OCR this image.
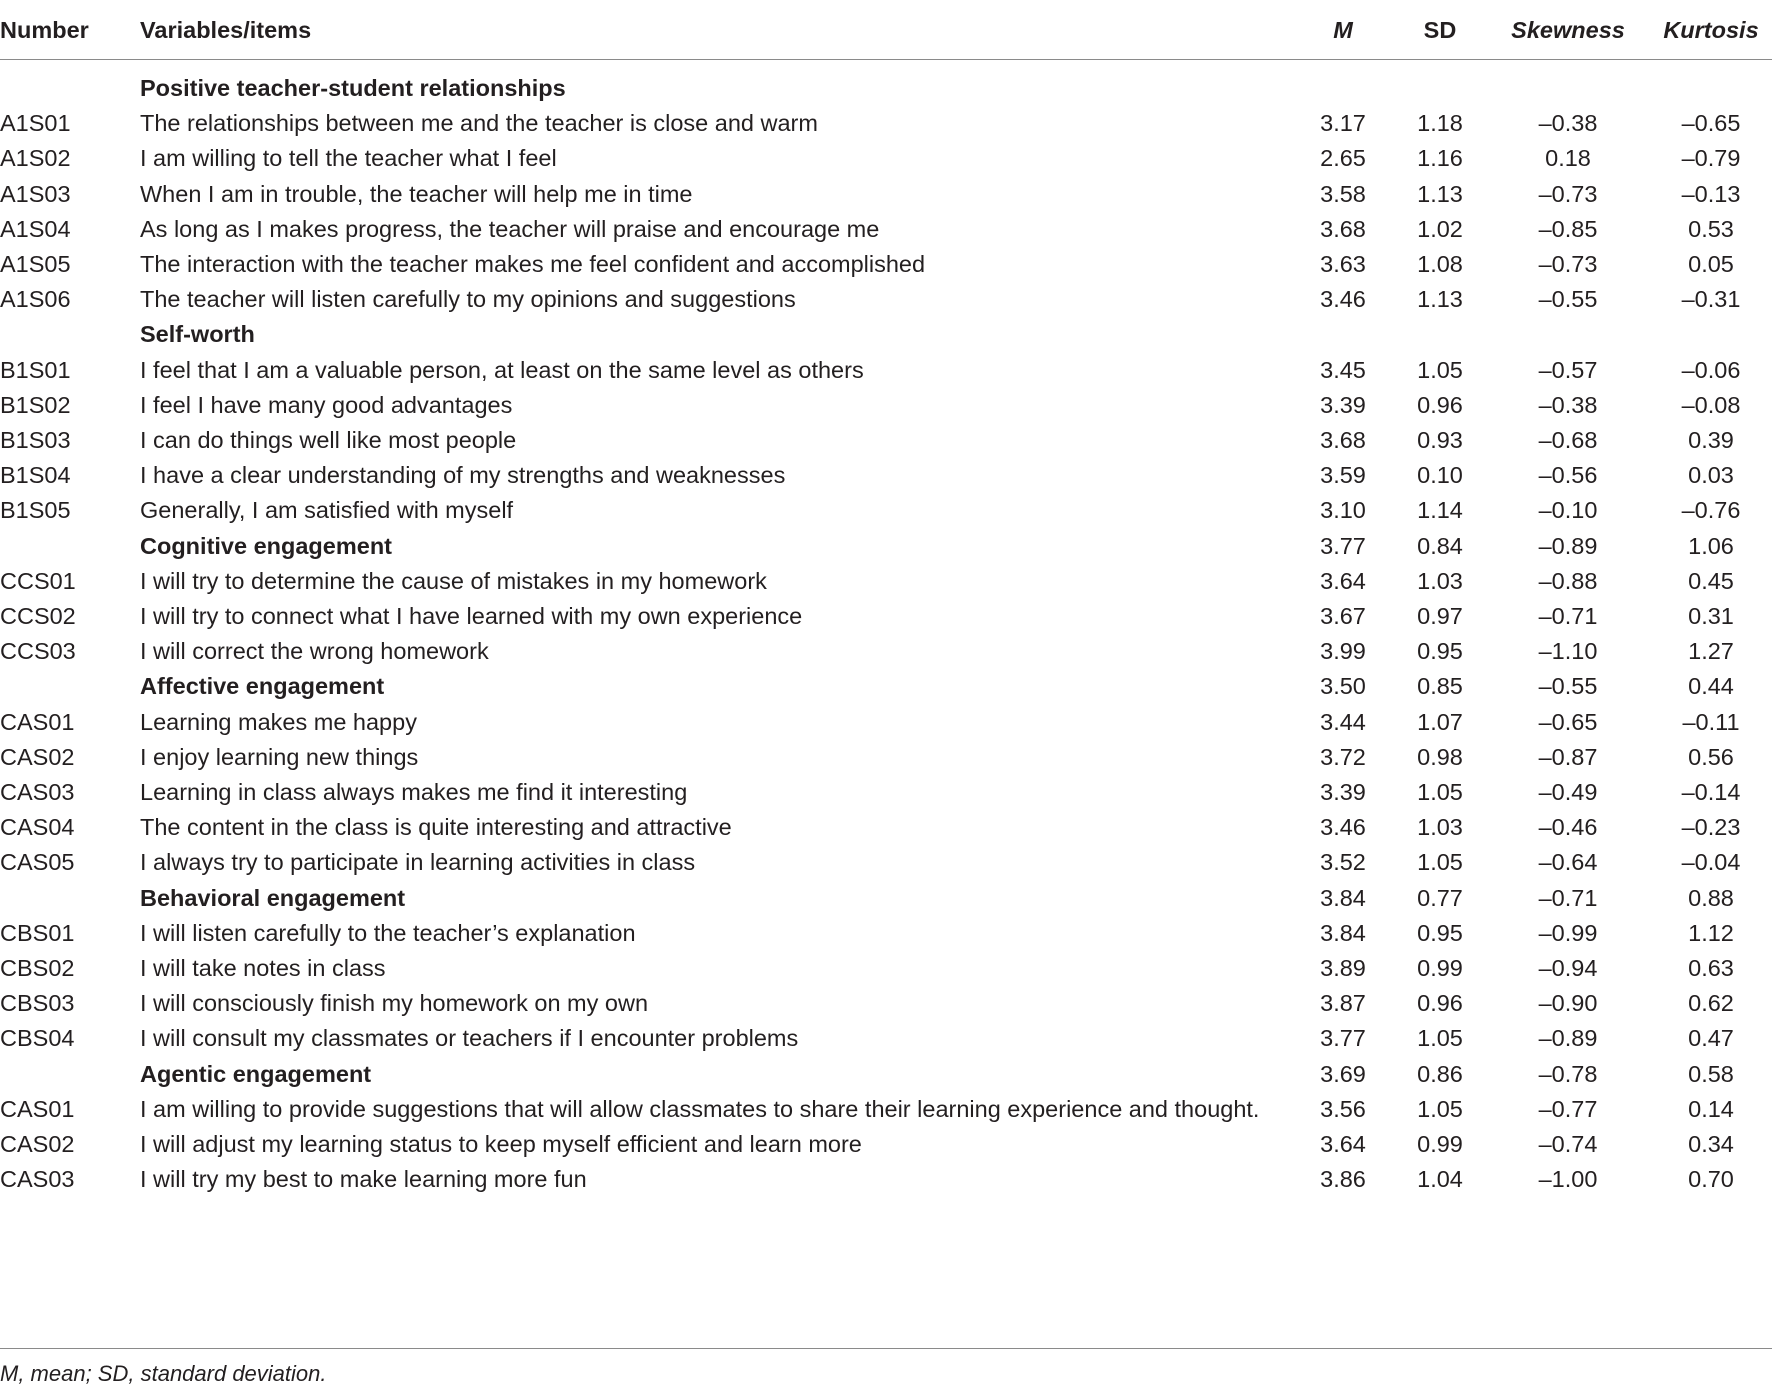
Number Variables/items	M	SD	Skewness	Kurtosis
Positive teacher-student relationships
A1S01	The relationships between me and the teacher is close and warm	3.17	1.18	–0.38	–0.65
A1S02	I am willing to tell the teacher what I feel	2.65	1.16	0.18	–0.79
A1S03	When I am in trouble, the teacher will help me in time	3.58	1.13	–0.73	–0.13
A1S04	As long as I makes progress, the teacher will praise and encourage me	3.68	1.02	–0.85	0.53
A1S05	The interaction with the teacher makes me feel confident and accomplished	3.63	1.08	–0.73	0.05
A1S06	The teacher will listen carefully to my opinions and suggestions	3.46	1.13	–0.55	–0.31
Self-worth
B1S01	I feel that I am a valuable person, at least on the same level as others	3.45	1.05	–0.57	–0.06
B1S02	I feel I have many good advantages	3.39	0.96	–0.38	–0.08
B1S03	I can do things well like most people	3.68	0.93	–0.68	0.39
B1S04	I have a clear understanding of my strengths and weaknesses	3.59	0.10	–0.56	0.03
B1S05	Generally, I am satisfied with myself	3.10	1.14	–0.10	–0.76
Cognitive engagement	3.77	0.84	–0.89	1.06
CCS01	I will try to determine the cause of mistakes in my homework	3.64	1.03	–0.88	0.45
CCS02	I will try to connect what I have learned with my own experience	3.67	0.97	–0.71	0.31
CCS03	I will correct the wrong homework	3.99	0.95	–1.10	1.27
Affective engagement	3.50	0.85	–0.55	0.44
CAS01	Learning makes me happy	3.44	1.07	–0.65	–0.11
CAS02	I enjoy learning new things	3.72	0.98	–0.87	0.56
CAS03	Learning in class always makes me find it interesting	3.39	1.05	–0.49	–0.14
CAS04	The content in the class is quite interesting and attractive	3.46	1.03	–0.46	–0.23
CAS05	I always try to participate in learning activities in class	3.52	1.05	–0.64	–0.04
Behavioral engagement	3.84	0.77	–0.71	0.88
CBS01	I will listen carefully to the teacher’s explanation	3.84	0.95	–0.99	1.12
CBS02	I will take notes in class	3.89	0.99	–0.94	0.63
CBS03	I will consciously finish my homework on my own	3.87	0.96	–0.90	0.62
CBS04	I will consult my classmates or teachers if I encounter problems	3.77	1.05	–0.89	0.47
Agentic engagement	3.69	0.86	–0.78	0.58
CAS01	I am willing to provide suggestions that will allow classmates to share their learning experience and thought.	3.56	1.05	–0.77	0.14
CAS02	I will adjust my learning status to keep myself efficient and learn more	3.64	0.99	–0.74	0.34
CAS03	I will try my best to make learning more fun	3.86	1.04	–1.00	0.70
M, mean; SD, standard deviation.
